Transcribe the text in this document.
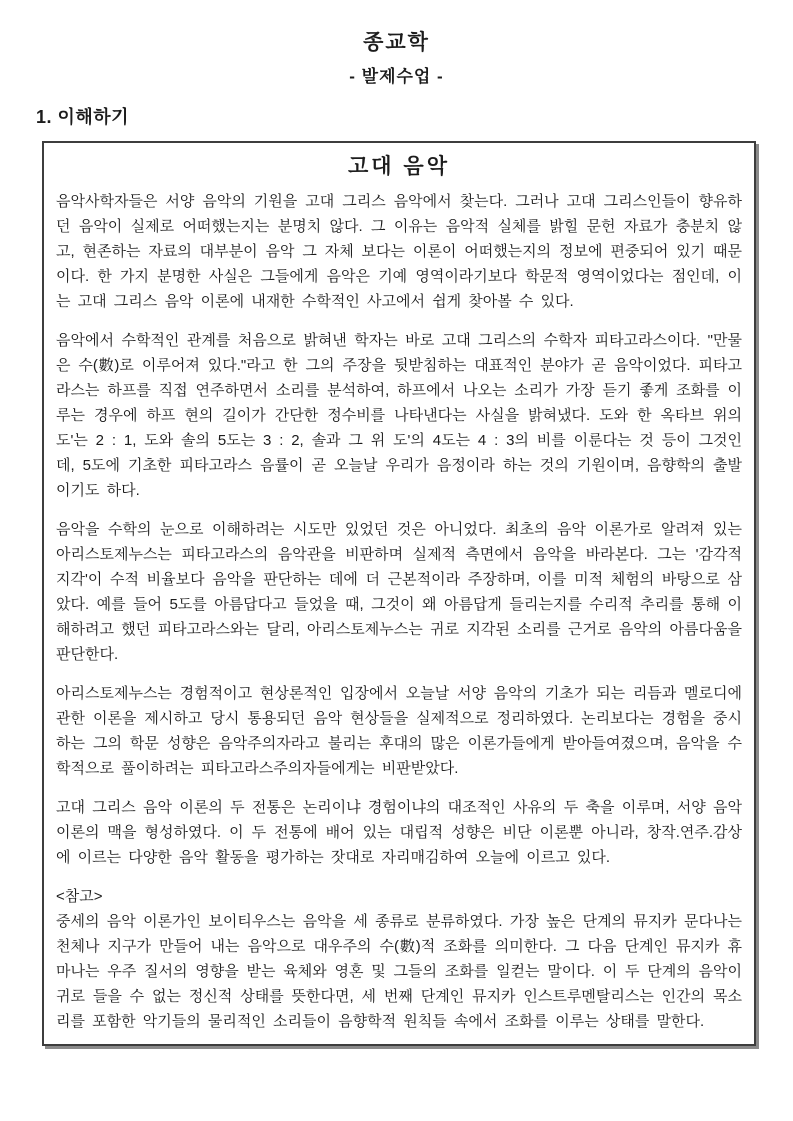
종교학
- 발제수업 -
1. 이해하기
고대 음악

음악사학자들은 서양 음악의 기원을 고대 그리스 음악에서 찾는다. 그러나 고대 그리스인들이 향유하던 음악이 실제로 어떠했는지는 분명치 않다. 그 이유는 음악적 실체를 밝힐 문헌 자료가 충분치 않고, 현존하는 자료의 대부분이 음악 그 자체 보다는 이론이 어떠했는지의 정보에 편중되어 있기 때문이다. 한 가지 분명한 사실은 그들에게 음악은 기예 영역이라기보다 학문적 영역이었다는 점인데, 이는 고대 그리스 음악 이론에 내재한 수학적인 사고에서 쉽게 찾아볼 수 있다.

음악에서 수학적인 관계를 처음으로 밝혀낸 학자는 바로 고대 그리스의 수학자 피타고라스이다. "만물은 수(數)로 이루어져 있다."라고 한 그의 주장을 뒷받침하는 대표적인 분야가 곧 음악이었다. 피타고라스는 하프를 직접 연주하면서 소리를 분석하여, 하프에서 나오는 소리가 가장 듣기 좋게 조화를 이루는 경우에 하프 현의 길이가 간단한 정수비를 나타낸다는 사실을 밝혀냈다. 도와 한 옥타브 위의 도'는 2 : 1, 도와 솔의 5도는 3 : 2, 솔과 그 위 도'의 4도는 4 : 3의 비를 이룬다는 것 등이 그것인데, 5도에 기초한 피타고라스 음률이 곧 오늘날 우리가 음정이라 하는 것의 기원이며, 음향학의 출발이기도 하다.

음악을 수학의 눈으로 이해하려는 시도만 있었던 것은 아니었다. 최초의 음악 이론가로 알려져 있는 아리스토제누스는 피타고라스의 음악관을 비판하며 실제적 측면에서 음악을 바라본다. 그는 '감각적 지각'이 수적 비율보다 음악을 판단하는 데에 더 근본적이라 주장하며, 이를 미적 체험의 바탕으로 삼았다. 예를 들어 5도를 아름답다고 들었을 때, 그것이 왜 아름답게 들리는지를 수리적 추리를 통해 이해하려고 했던 피타고라스와는 달리, 아리스토제누스는 귀로 지각된 소리를 근거로 음악의 아름다움을 판단한다.

아리스토제누스는 경험적이고 현상론적인 입장에서 오늘날 서양 음악의 기초가 되는 리듬과 멜로디에 관한 이론을 제시하고 당시 통용되던 음악 현상들을 실제적으로 정리하였다. 논리보다는 경험을 중시하는 그의 학문 성향은 음악주의자라고 불리는 후대의 많은 이론가들에게 받아들여졌으며, 음악을 수학적으로 풀이하려는 피타고라스주의자들에게는 비판받았다.

고대 그리스 음악 이론의 두 전통은 논리이냐 경험이냐의 대조적인 사유의 두 축을 이루며, 서양 음악 이론의 맥을 형성하였다. 이 두 전통에 배어 있는 대립적 성향은 비단 이론뿐 아니라, 창작.연주.감상에 이르는 다양한 음악 활동을 평가하는 잣대로 자리매김하여 오늘에 이르고 있다.

<참고>

중세의 음악 이론가인 보이티우스는 음악을 세 종류로 분류하였다. 가장 높은 단계의 뮤지카 문다나는 천체나 지구가 만들어 내는 음악으로 대우주의 수(數)적 조화를 의미한다. 그 다음 단계인 뮤지카 휴마나는 우주 질서의 영향을 받는 육체와 영혼 및 그들의 조화를 일컫는 말이다. 이 두 단계의 음악이 귀로 들을 수 없는 정신적 상태를 뜻한다면, 세 번째 단계인 뮤지카 인스트루멘탈리스는 인간의 목소리를 포함한 악기들의 물리적인 소리들이 음향학적 원칙들 속에서 조화를 이루는 상태를 말한다.
